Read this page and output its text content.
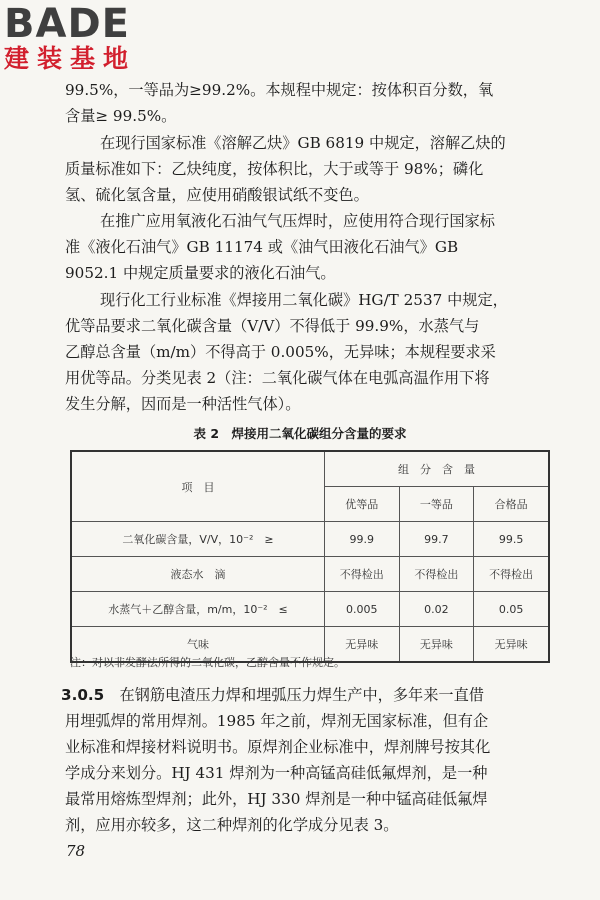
BADE
建装基地
99.5%，一等品为≥99.2%。本规程中规定：按体积百分数，氧
含量≥ 99.5%。
在现行国家标准《溶解乙炔》GB 6819 中规定，溶解乙炔的
质量标准如下：乙炔纯度，按体积比，大于或等于 98%；磷化
氢、硫化氢含量，应使用硝酸银试纸不变色。
在推广应用氧液化石油气气压焊时，应使用符合现行国家标
准《液化石油气》GB 11174 或《油气田液化石油气》GB
9052.1 中规定质量要求的液化石油气。
现行化工行业标准《焊接用二氧化碳》HG/T 2537 中规定，
优等品要求二氧化碳含量（V/V）不得低于 99.9%，水蒸气与
乙醇总含量（m/m）不得高于 0.005%，无异味；本规程要求采
用优等品。分类见表 2（注：二氧化碳气体在电弧高温作用下将
发生分解，因而是一种活性气体）。
表 2　焊接用二氧化碳组分含量的要求
项　目	组　分　含　量		
	优等品	一等品	合格品
二氧化碳含量，V/V，10⁻²　≥	99.9	99.7	99.5
液态水　滴	不得检出	不得检出	不得检出
水蒸气＋乙醇含量，m/m，10⁻²　≤	0.005	0.02	0.05
气味	无异味	无异味	无异味
注：对以非发酵法所得的二氧化碳，乙醇含量不作规定。
3.0.5　在钢筋电渣压力焊和埋弧压力焊生产中，多年来一直借
用埋弧焊的常用焊剂。1985 年之前，焊剂无国家标准，但有企
业标准和焊接材料说明书。原焊剂企业标准中，焊剂牌号按其化
学成分来划分。HJ 431 焊剂为一种高锰高硅低氟焊剂，是一种
最常用熔炼型焊剂；此外，HJ 330 焊剂是一种中锰高硅低氟焊
剂，应用亦较多，这二种焊剂的化学成分见表 3。
78
